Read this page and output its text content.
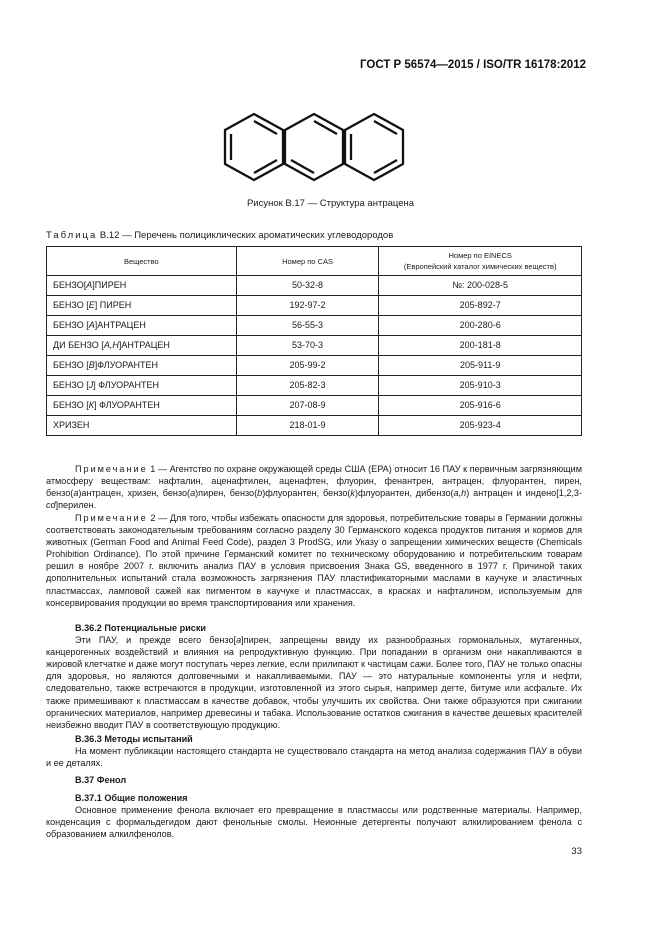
ГОСТ Р 56574—2015 / ISO/TR 16178:2012
Рисунок В.17 — Структура антрацена
Таблица В.12 — Перечень полициклических ароматических углеводородов
Вещество	Номер по CAS	Номер по EINECS
(Европейский каталог химических веществ)
БЕНЗО[А]ПИРЕН	50-32-8	№: 200-028-5
БЕНЗО [Е] ПИРЕН	192-97-2	205-892-7
БЕНЗО [А]АНТРАЦЕН	56-55-3	200-280-6
ДИ БЕНЗО [А,Н]АНТРАЦЕН	53-70-3	200-181-8
БЕНЗО [В]ФЛУОРАНТЕН	205-99-2	205-911-9
БЕНЗО [J] ФЛУОРАНТЕН	205-82-3	205-910-3
БЕНЗО [К] ФЛУОРАНТЕН	207-08-9	205-916-6
ХРИЗЕН	218-01-9	205-923-4

Примечание 1 — Агентство по охране окружающей среды США (EPA) относит 16 ПАУ к первичным загрязняющим атмосферу веществам: нафталин, аценафтилен, аценафтен, флуорин, фенантрен, антрацен, флуорантен, пирен, бензо(а)антрацен, хризен, бензо(а)пирен, бензо(b)флуорантен, бензо(k)флуорантен, дибензо(a,h) антрацен и индено[1,2,3-cd]перилен.

Примечание 2 — Для того, чтобы избежать опасности для здоровья, потребительские товары в Германии должны соответствовать законодательным требованиям согласно разделу 30 Германского кодекса продуктов питания и кормов для животных (German Food and Animal Feed Code), раздел 3 ProdSG, или Указу о запрещении химических веществ (Chemicals Prohibition Ordinance). По этой причине Германский комитет по техническому оборудованию и потребительским товарам решил в ноябре 2007 г. включить анализ ПАУ в условия присвоения Знака GS, введенного в 1977 г. Причиной таких дополнительных испытаний стала возможность загрязнения ПАУ пластификаторными маслами в каучуке и эластичных пластмассах, ламповой сажей как пигментом в каучуке и пластмассах, в красках и нафталином, используемым для консервирования продукции во время транспортирования или хранения.

В.36.2 Потенциальные риски

Эти ПАУ, и прежде всего бензо[а]пирен, запрещены ввиду их разнообразных гормональных, мутагенных, канцерогенных воздействий и влияния на репродуктивную функцию. При попадании в организм они накапливаются в жировой клетчатке и даже могут поступать через легкие, если прилипают к частицам сажи. Более того, ПАУ не только опасны для здоровья, но являются долговечными и накапливаемыми. ПАУ — это натуральные компоненты угля и нефти, следовательно, также встречаются в продукции, изготовленной из этого сырья, например дегте, битуме или асфальте. Их также примешивают к пластмассам в качестве добавок, чтобы улучшить их свойства. Они также образуются при сжигании органических материалов, например древесины и табака. Использование остатков сжигания в качестве дешевых красителей неизбежно вводит ПАУ в соответствующую продукцию.

В.36.3 Методы испытаний

На момент публикации настоящего стандарта не существовало стандарта на метод анализа содержания ПАУ в обуви и ее деталях.

В.37 Фенол
В.37.1 Общие положения

Основное применение фенола включает его превращение в пластмассы или родственные материалы. Например, конденсация с формальдегидом дают фенольные смолы. Неионные детергенты получают алкилированием фенола с образованием алкилфенолов.

33
